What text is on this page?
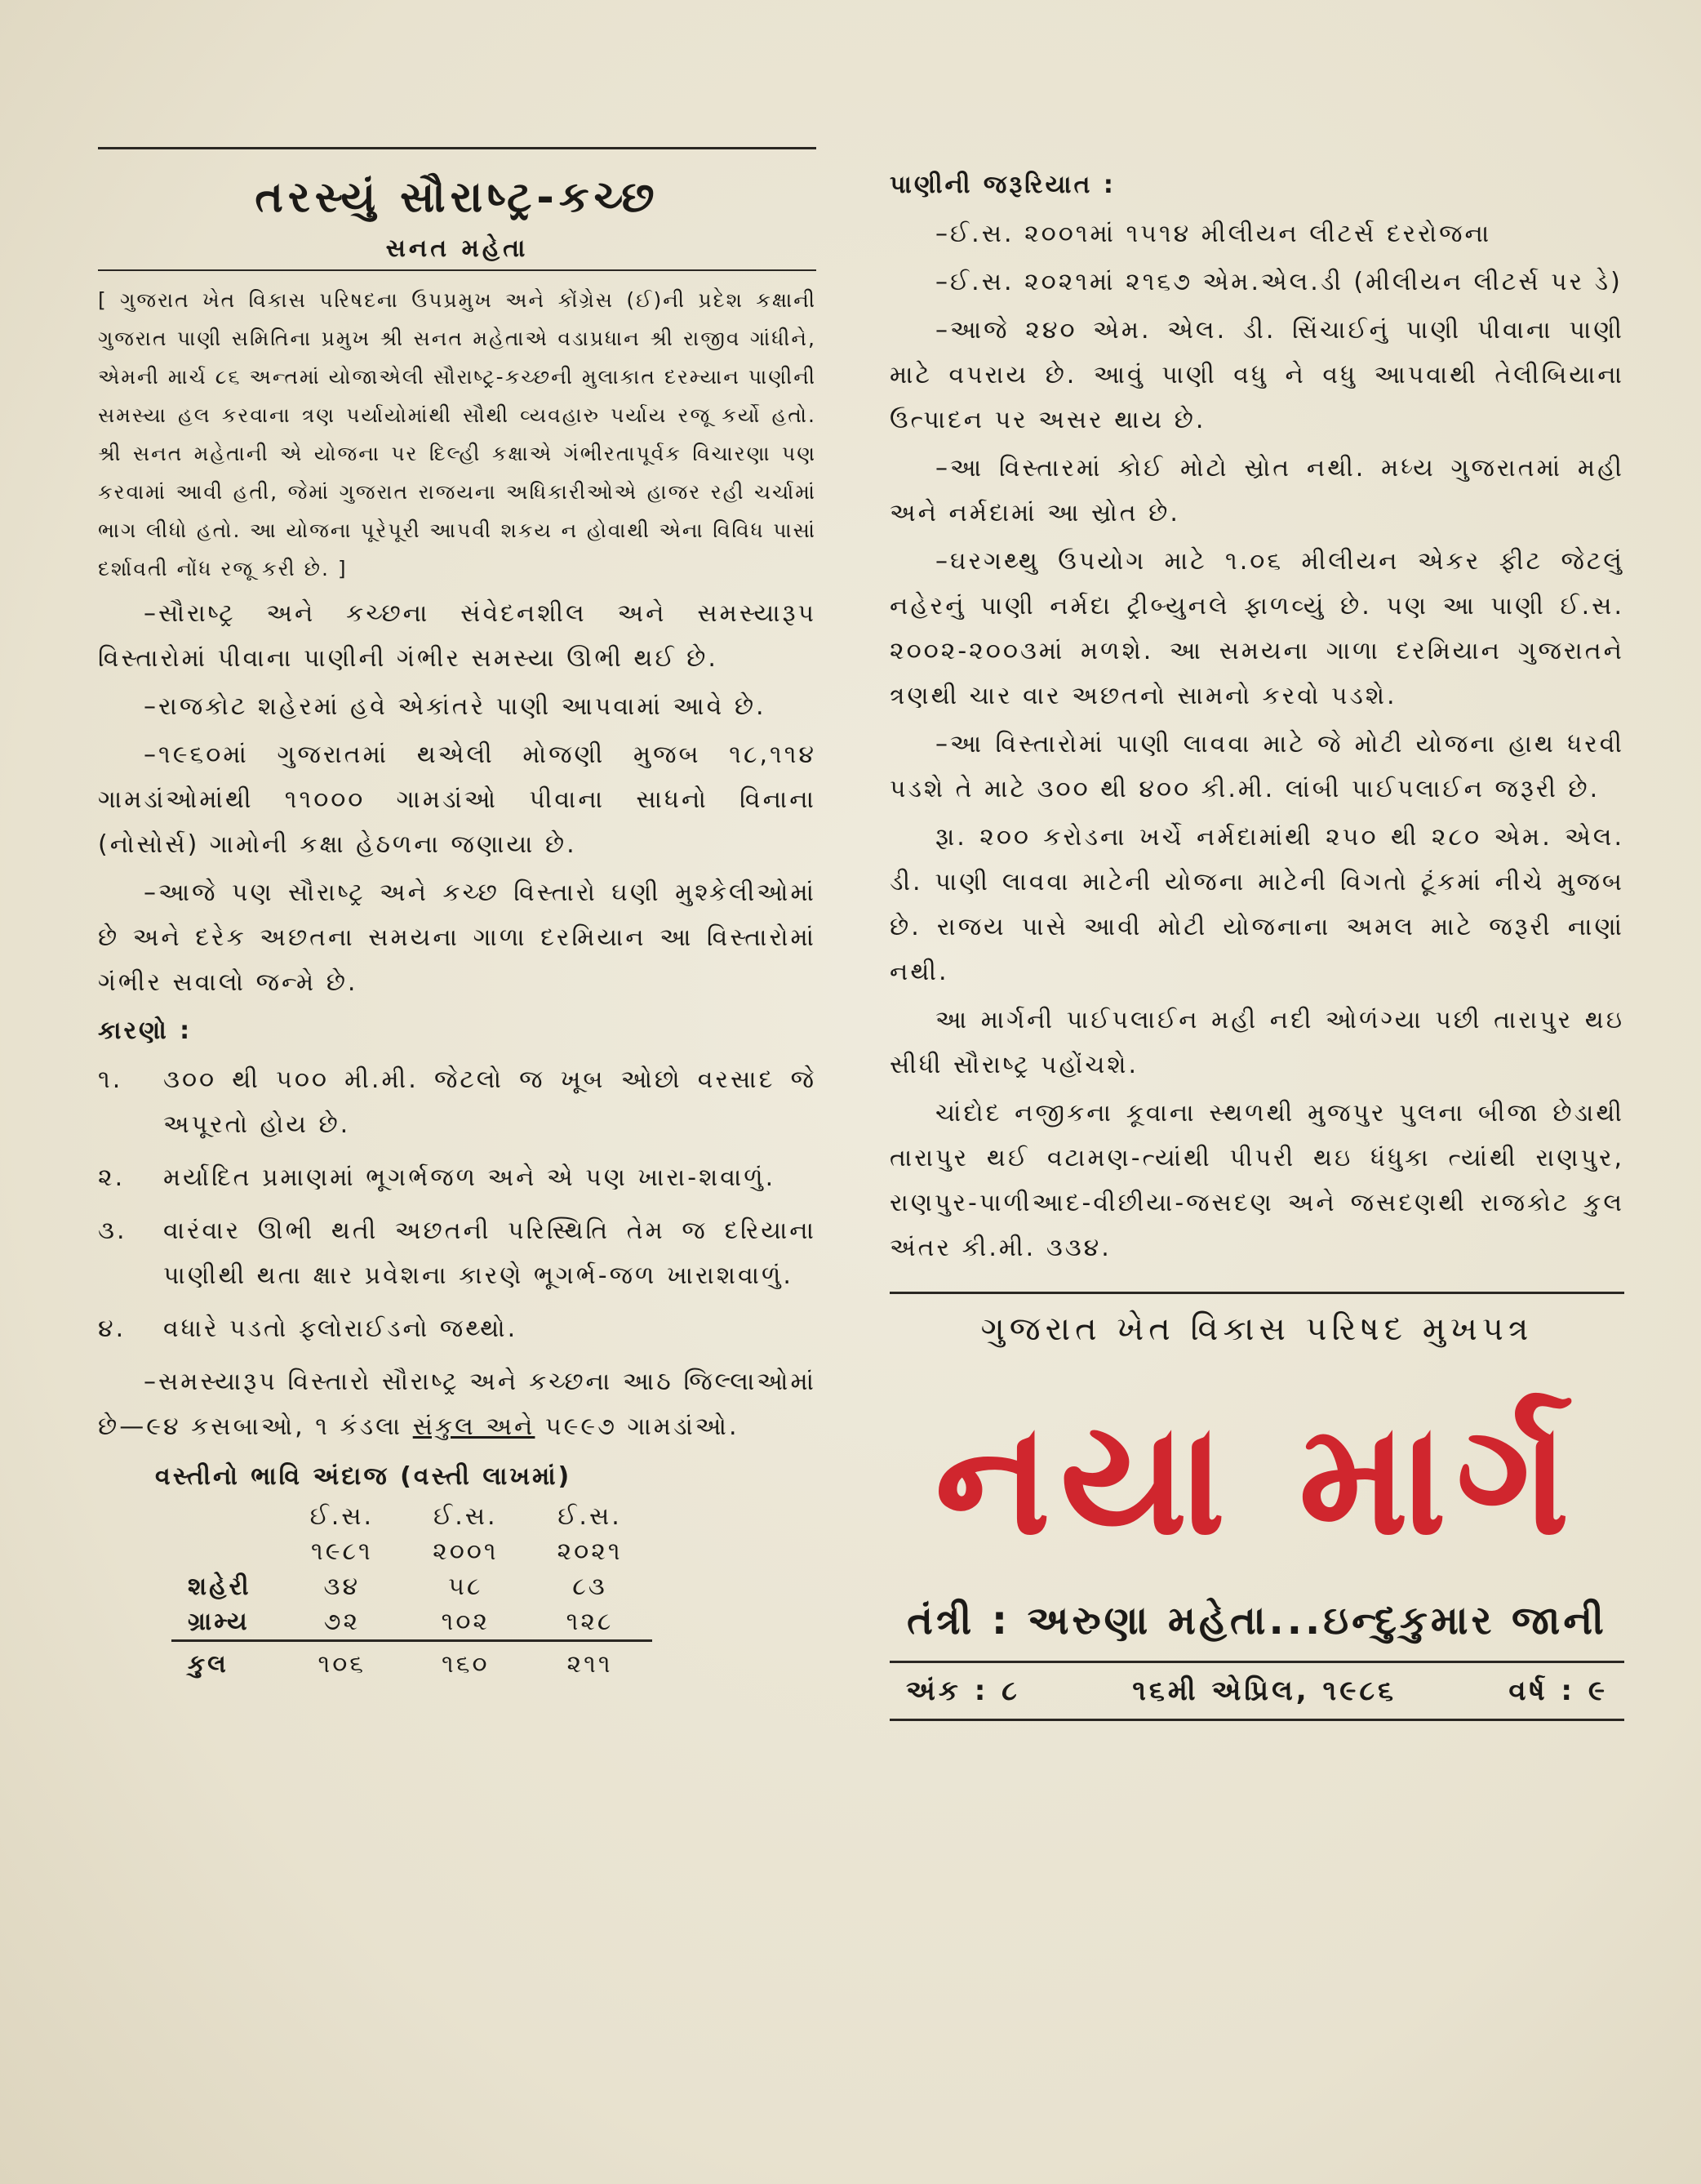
તરસ્યું સૌરાષ્ટ્ર-કચ્છ
સનત મહેતા
[ ગુજરાત ખેત વિકાસ પરિષદના ઉપપ્રમુખ અને કોંગ્રેસ (ઈ)ની પ્રદેશ કક્ષાની ગુજરાત પાણી સમિતિના પ્રમુખ શ્રી સનત મહેતાએ વડાપ્રધાન શ્રી રાજીવ ગાંધીને, એમની માર્ચ ૮૬ અન્તમાં યોજાએલી સૌરાષ્ટ્ર-કચ્છની મુલાકાત દરમ્યાન પાણીની સમસ્યા હલ કરવાના ત્રણ પર્યાયોમાંથી સૌથી વ્યવહારુ પર્યાય રજૂ કર્યો હતો. શ્રી સનત મહેતાની એ યોજના પર દિલ્હી કક્ષાએ ગંભીરતાપૂર્વક વિચારણા પણ કરવામાં આવી હતી, જેમાં ગુજરાત રાજયના અધિકારીઓએ હાજર રહી ચર્ચામાં ભાગ લીધો હતો. આ યોજના પૂરેપૂરી આપવી શકય ન હોવાથી એના વિવિધ પાસાં દર્શાવતી નોંધ રજૂ કરી છે. ]

–સૌરાષ્ટ્ર અને કચ્છના સંવેદનશીલ અને સમસ્યારૂપ વિસ્તારોમાં પીવાના પાણીની ગંભીર સમસ્યા ઊભી થઈ છે.

–રાજકોટ શહેરમાં હવે એકાંતરે પાણી આપવામાં આવે છે.

–૧૯૬૦માં ગુજરાતમાં થએલી મોજણી મુજબ ૧૮,૧૧૪ ગામડાંઓમાંથી ૧૧૦૦૦ ગામડાંઓ પીવાના સાધનો વિનાના (નોસોર્સ) ગામોની કક્ષા હેઠળના જણાયા છે.

–આજે પણ સૌરાષ્ટ્ર અને કચ્છ વિસ્તારો ઘણી મુશ્કેલીઓમાં છે અને દરેક અછતના સમયના ગાળા દરમિયાન આ વિસ્તારોમાં ગંભીર સવાલો જન્મે છે.

કારણો :
૧.	૩૦૦ થી ૫૦૦ મી.મી. જેટલો જ ખૂબ ઓછો વરસાદ જે અપૂરતો હોય છે.
૨.	મર્યાદિત પ્રમાણમાં ભૂગર્ભજળ અને એ પણ ખારા-શવાળું.
૩.	વારંવાર ઊભી થતી અછતની પરિસ્થિતિ તેમ જ દરિયાના પાણીથી થતા ક્ષાર પ્રવેશના કારણે ભૂગર્ભ-જળ ખારાશવાળું.
૪.	વધારે પડતો ફ્લોરાઈડનો જથ્થો.

–સમસ્યારૂપ વિસ્તારો સૌરાષ્ટ્ર અને કચ્છના આઠ જિલ્લાઓમાં છે—૯૪ કસબાઓ, ૧ કંડલા સંકુલ અને ૫૯૯૭ ગામડાંઓ.

વસ્તીનો ભાવિ અંદાજ (વસ્તી લાખમાં)
	ઈ.સ.	ઈ.સ.	ઈ.સ.
	૧૯૮૧	૨૦૦૧	૨૦૨૧
શહેરી	૩૪	૫૮	૮૩
ગ્રામ્ય	૭૨	૧૦૨	૧૨૮
કુલ	૧૦૬	૧૬૦	૨૧૧
પાણીની જરૂરિયાત :

–ઈ.સ. ૨૦૦૧માં ૧૫૧૪ મીલીયન લીટર્સ દરરોજના

–ઈ.સ. ૨૦૨૧માં ૨૧૬૭ એમ.એલ.ડી (મીલીયન લીટર્સ પર ડે)

–આજે ૨૪૦ એમ. એલ. ડી. સિંચાઈનું પાણી પીવાના પાણી માટે વપરાય છે. આવું પાણી વધુ ને વધુ આપવાથી તેલીબિયાના ઉત્પાદન પર અસર થાય છે.

–આ વિસ્તારમાં કોઈ મોટો સ્રોત નથી. મધ્ય ગુજરાતમાં મહી અને નર્મદામાં આ સ્રોત છે.

–ઘરગથ્થુ ઉપયોગ માટે ૧.૦૬ મીલીયન એકર ફીટ જેટલું નહેરનું પાણી નર્મદા ટ્રીબ્યુનલે ફાળવ્યું છે. પણ આ પાણી ઈ.સ. ૨૦૦૨-૨૦૦૩માં મળશે. આ સમયના ગાળા દરમિયાન ગુજરાતને ત્રણથી ચાર વાર અછતનો સામનો કરવો પડશે.

–આ વિસ્તારોમાં પાણી લાવવા માટે જે મોટી યોજના હાથ ધરવી પડશે તે માટે ૩૦૦ થી ૪૦૦ કી.મી. લાંબી પાઈપલાઈન જરૂરી છે.

રૂા. ૨૦૦ કરોડના ખર્ચે નર્મદામાંથી ૨૫૦ થી ૨૮૦ એમ. એલ. ડી. પાણી લાવવા માટેની યોજના માટેની વિગતો ટૂંકમાં નીચે મુજબ છે. રાજય પાસે આવી મોટી યોજનાના અમલ માટે જરૂરી નાણાં નથી.

આ માર્ગની પાઈપલાઈન મહી નદી ઓળંગ્યા પછી તારાપુર થઇ સીધી સૌરાષ્ટ્ર પહોંચશે.

ચાંદોદ નજીકના કૂવાના સ્થળથી મુજપુર પુલના બીજા છેડાથી તારાપુર થઈ વટામણ-ત્યાંથી પીપરી થઇ ધંધુકા ત્યાંથી રાણપુર, રાણપુર-પાળીઆદ-વીછીયા-જસદણ અને જસદણથી રાજકોટ કુલ અંતર કી.મી. ૩૩૪.

ગુજરાત ખેત વિકાસ પરિષદ મુખપત્ર
નયા માર્ગ
તંત્રી : અરુણા મહેતા...ઇન્દુકુમાર જાની
અંક : ૮	૧૬મી એપ્રિલ, ૧૯૮૬	વર્ષ : ૯
